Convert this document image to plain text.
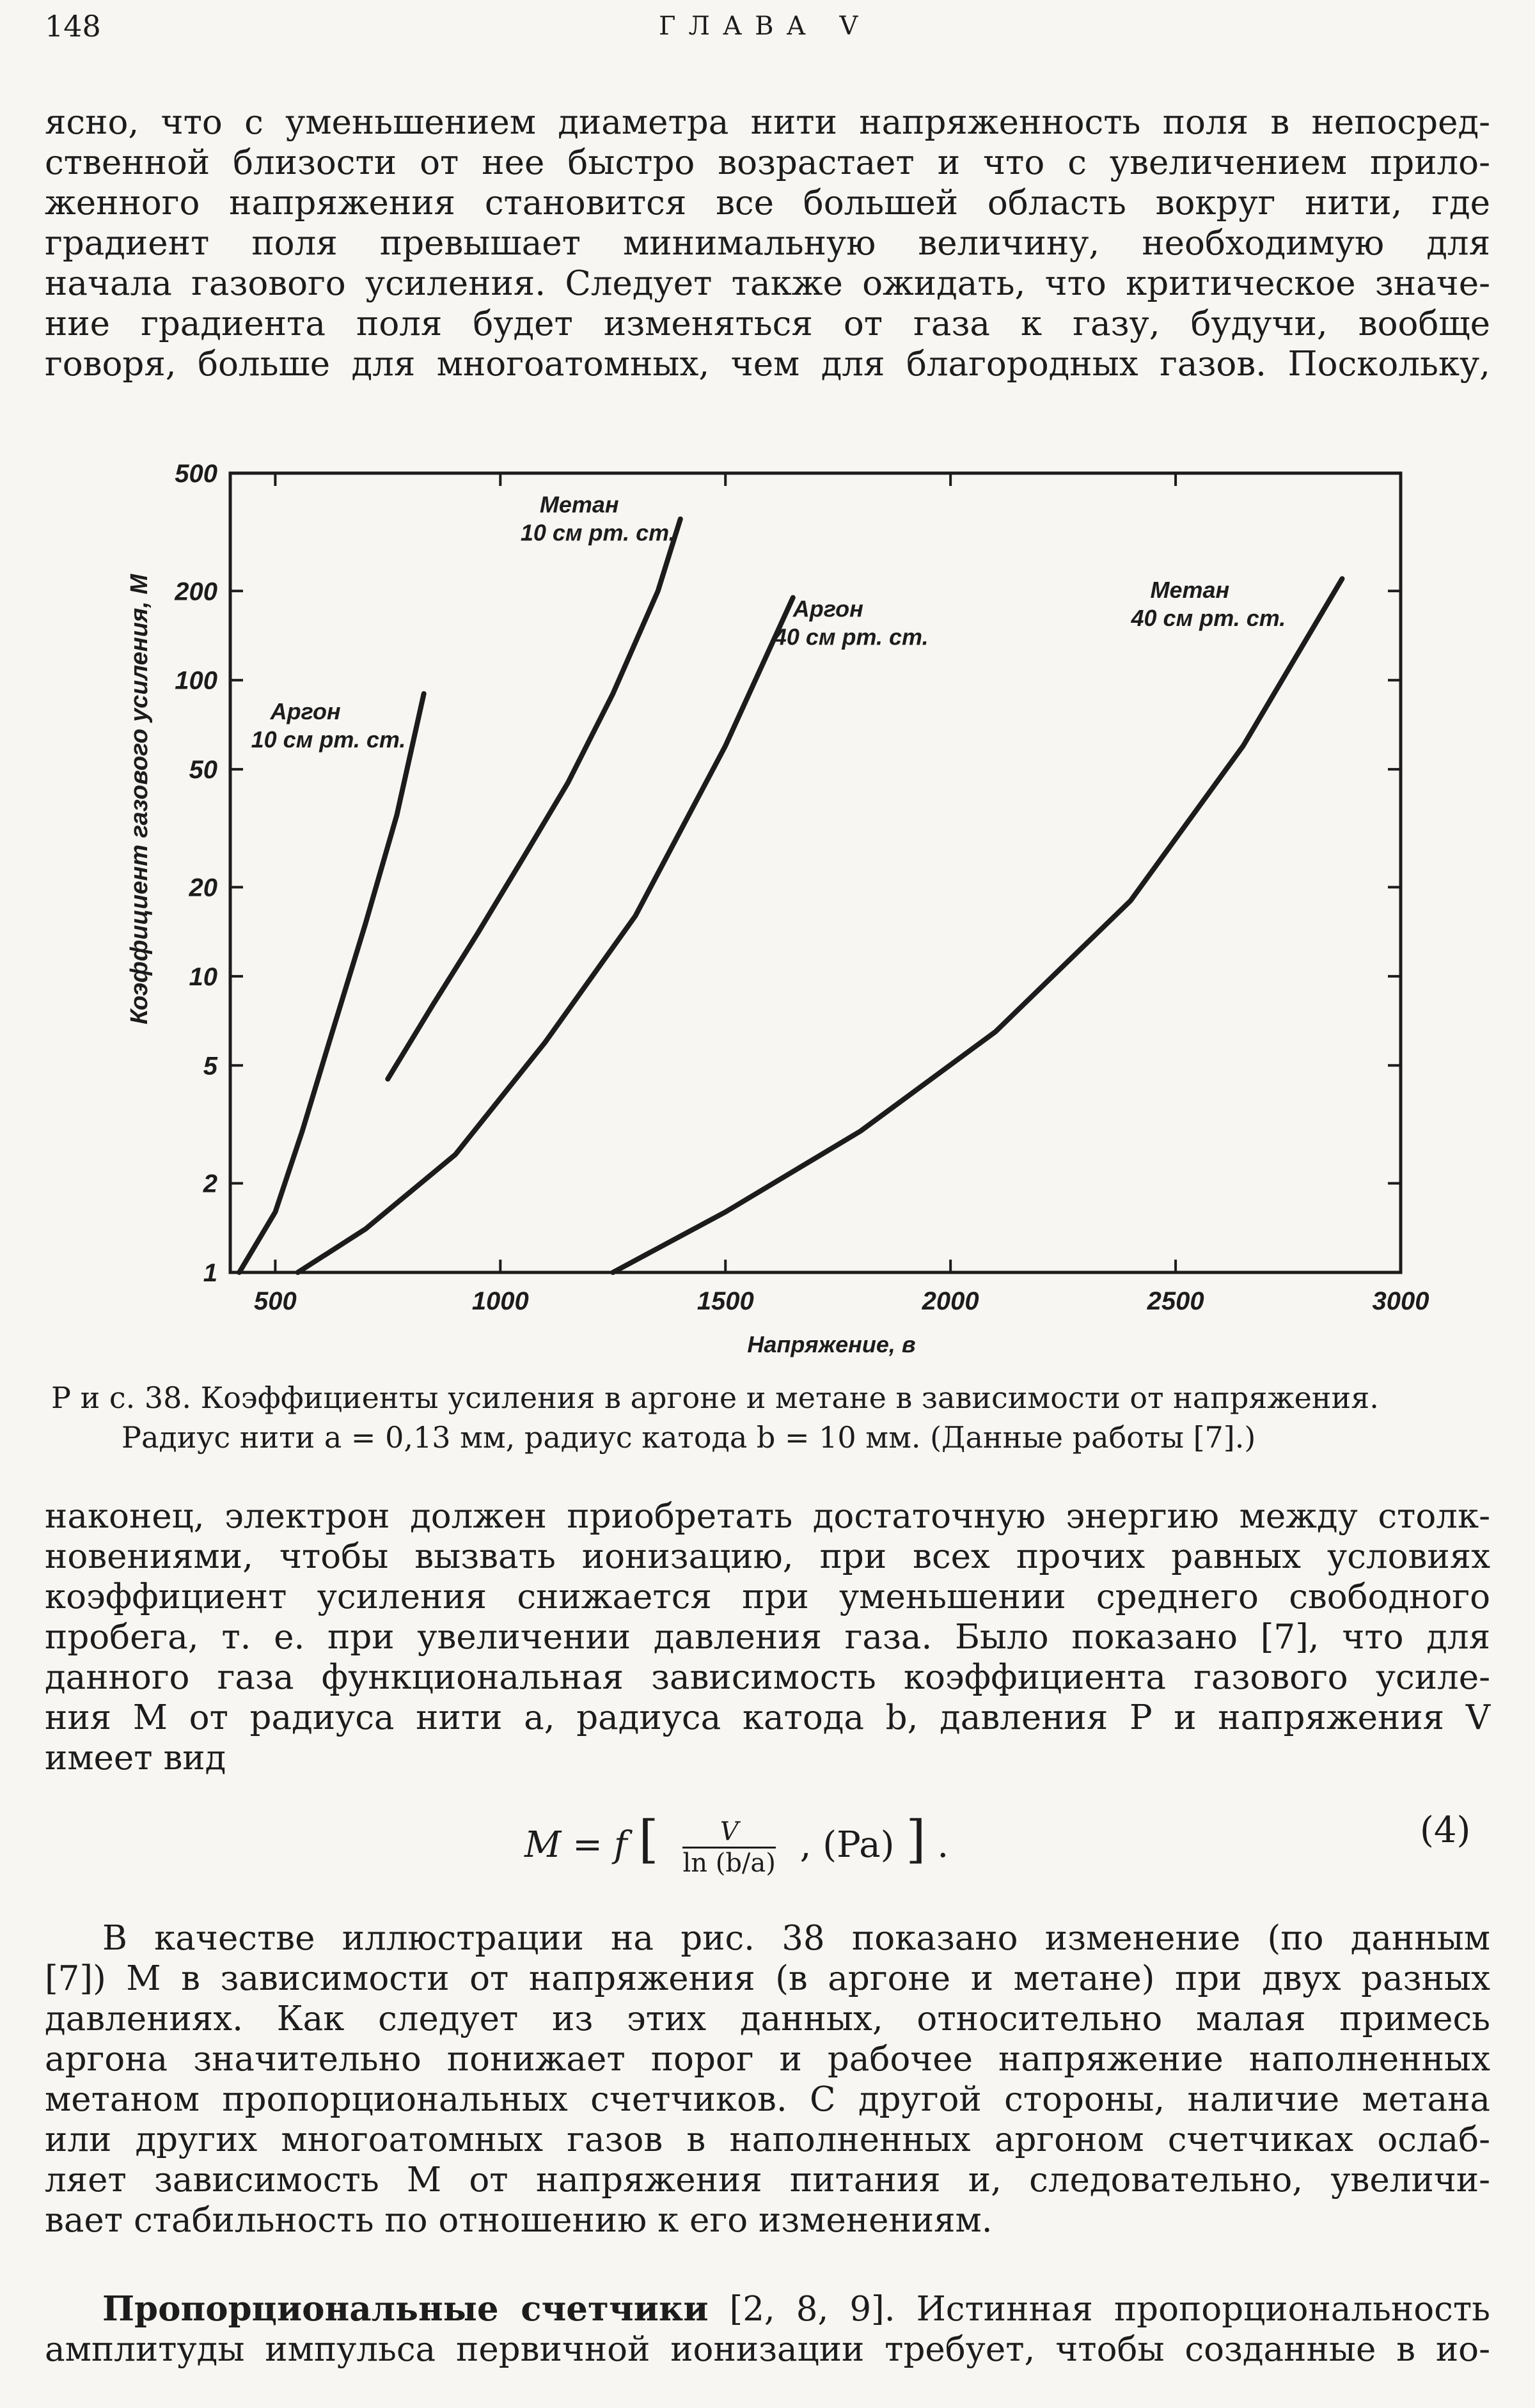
148	ГЛАВА V

ясно, что с уменьшением диаметра нити напряженность поля в непосред-
ственной близости от нее быстро возрастает и что с увеличением прило-
женного напряжения становится все большей область вокруг нити, где
градиент поля превышает минимальную величину, необходимую для
начала газового усиления. Следует также ожидать, что критическое значе-
ние градиента поля будет изменяться от газа к газу, будучи, вообще
говоря, больше для многоатомных, чем для благородных газов. Поскольку,

500	1000	1500	2000	2500	3000
1
2
5
10
20
50
100
200
500
Аргон
10 см рт. ст.
Метан
10 см рт. ст.
Аргон
40 см рт. ст.
Метан
40 см рт. ст.
Коэффициент газового усиления, M
Напряжение, в

Р и с. 38. Коэффициенты усиления в аргоне и метане в зависимости от напряжения.
Радиус нити a = 0,13 мм, радиус катода b = 10 мм. (Данные работы [7].)

наконец, электрон должен приобретать достаточную энергию между столк-
новениями, чтобы вызвать ионизацию, при всех прочих равных условиях
коэффициент усиления снижается при уменьшении среднего свободного
пробега, т. е. при увеличении давления газа. Было показано [7], что для
данного газа функциональная зависимость коэффициента газового усиле-
ния M от радиуса нити a, радиуса катода b, давления P и напряжения V
имеет вид

M = f [ $\frac{V}{\ln (b/a)}$ , (Pa) ] .	(4)

В качестве иллюстрации на рис. 38 показано изменение (по данным
[7]) M в зависимости от напряжения (в аргоне и метане) при двух разных
давлениях. Как следует из этих данных, относительно малая примесь
аргона значительно понижает порог и рабочее напряжение наполненных
метаном пропорциональных счетчиков. С другой стороны, наличие метана
или других многоатомных газов в наполненных аргоном счетчиках ослаб-
ляет зависимость M от напряжения питания и, следовательно, увеличи-
вает стабильность по отношению к его изменениям.

Пропорциональные счетчики [2, 8, 9]. Истинная пропорциональность
амплитуды импульса первичной ионизации требует, чтобы созданные в ио-
